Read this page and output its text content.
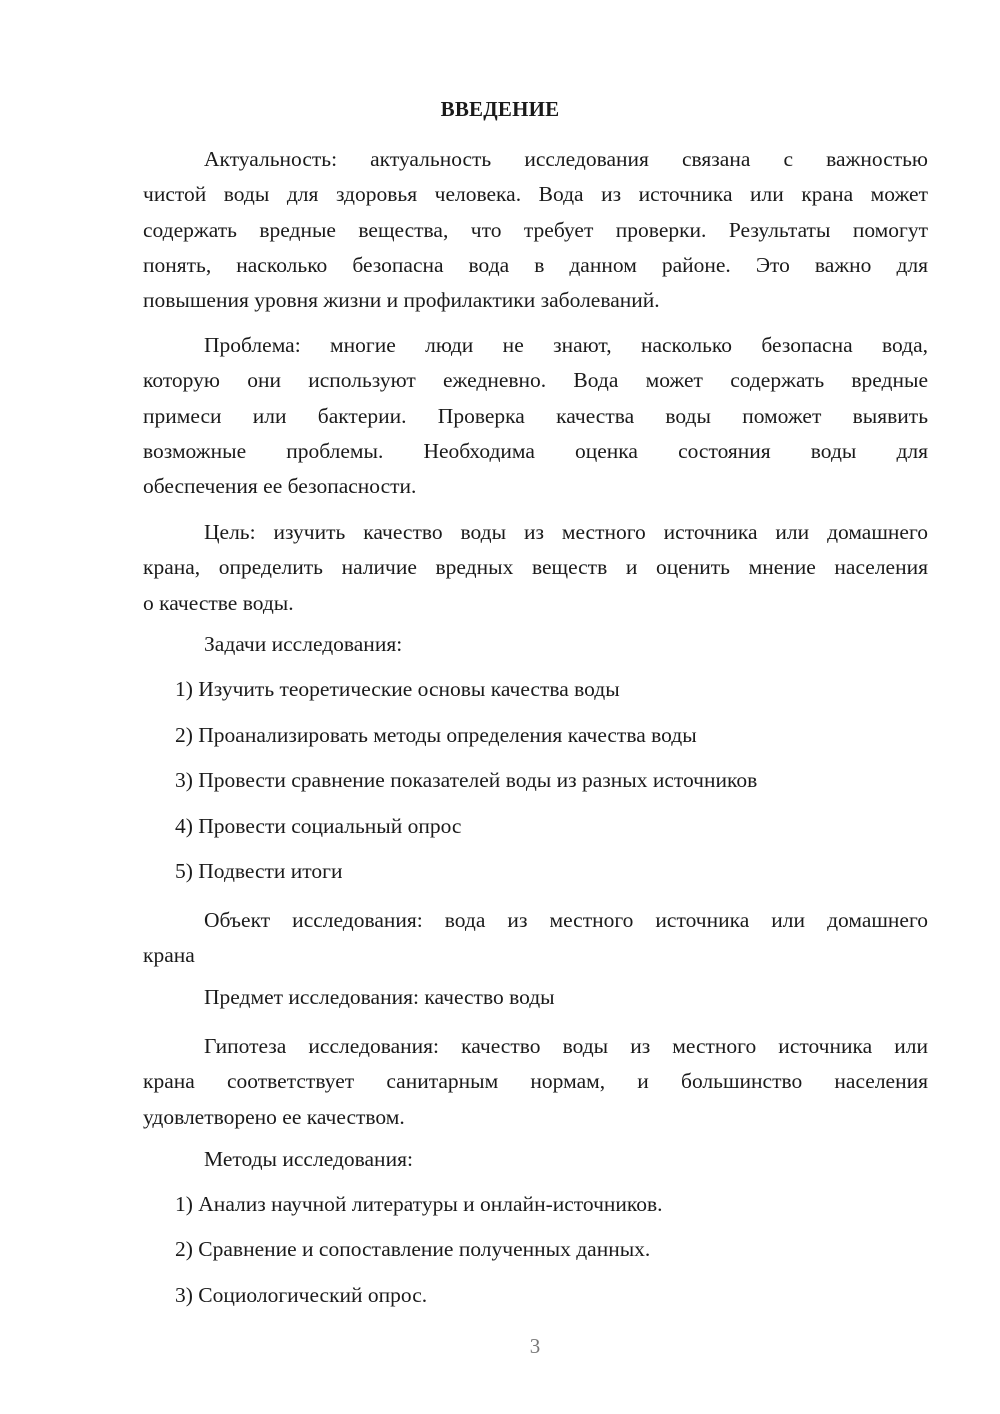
ВВЕДЕНИЕ
Актуальность: актуальность исследования связана с важностью
чистой воды для здоровья человека. Вода из источника или крана может
содержать вредные вещества, что требует проверки. Результаты помогут
понять, насколько безопасна вода в данном районе. Это важно для
повышения уровня жизни и профилактики заболеваний.
Проблема: многие люди не знают, насколько безопасна вода,
которую они используют ежедневно. Вода может содержать вредные
примеси или бактерии. Проверка качества воды поможет выявить
возможные проблемы. Необходима оценка состояния воды для
обеспечения ее безопасности.
Цель: изучить качество воды из местного источника или домашнего
крана, определить наличие вредных веществ и оценить мнение населения
о качестве воды.
Задачи исследования:
1) Изучить теоретические основы качества воды
2) Проанализировать методы определения качества воды
3) Провести сравнение показателей воды из разных источников
4) Провести социальный опрос
5) Подвести итоги
Объект исследования: вода из местного источника или домашнего
крана
Предмет исследования: качество воды
Гипотеза исследования: качество воды из местного источника или
крана соответствует санитарным нормам, и большинство населения
удовлетворено ее качеством.
Методы исследования:
1) Анализ научной литературы и онлайн-источников.
2) Сравнение и сопоставление полученных данных.
3) Социологический опрос.
3
